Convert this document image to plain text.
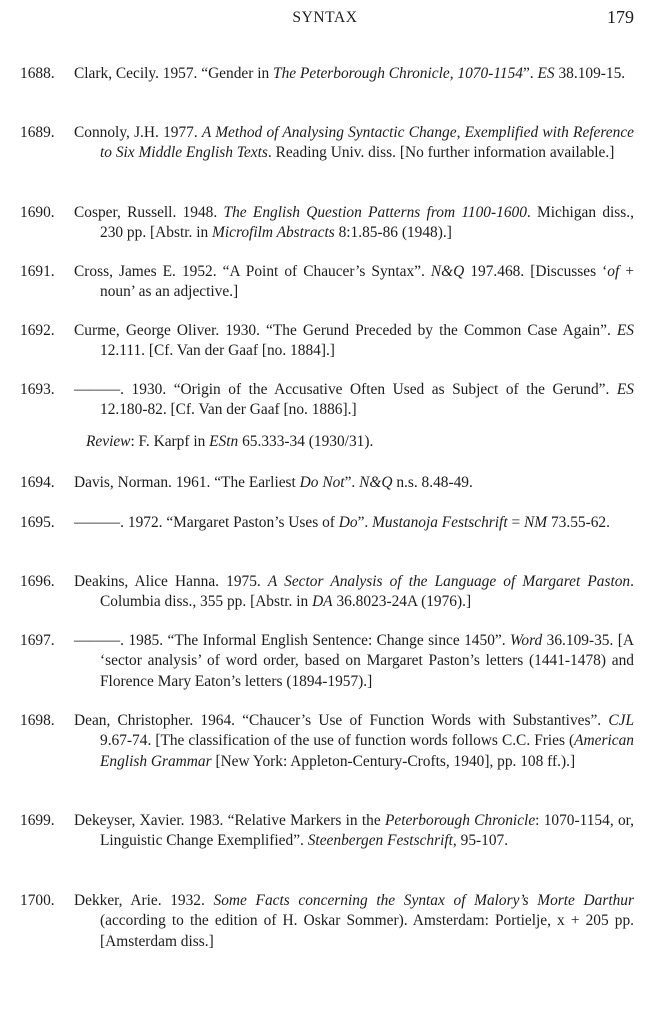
SYNTAX	179
1688.	Clark, Cecily. 1957. “Gender in The Peterborough Chronicle, 1070-1154”. ES 38.109-15.
1689.	Connoly, J.H. 1977. A Method of Analysing Syntactic Change, Exemplified with Reference to Six Middle English Texts. Reading Univ. diss. [No further information available.]
1690.	Cosper, Russell. 1948. The English Question Patterns from 1100-1600. Michigan diss., 230 pp. [Abstr. in Microfilm Abstracts 8:1.85-86 (1948).]
1691.	Cross, James E. 1952. “A Point of Chaucer’s Syntax”. N&Q 197.468. [Discusses ‘of + noun’ as an adjective.]
1692.	Curme, George Oliver. 1930. “The Gerund Preceded by the Common Case Again”. ES 12.111. [Cf. Van der Gaaf [no. 1884].]
1693.	———. 1930. “Origin of the Accusative Often Used as Subject of the Gerund”. ES 12.180-82. [Cf. Van der Gaaf [no. 1886].]
Review: F. Karpf in EStn 65.333-34 (1930/31).
1694.	Davis, Norman. 1961. “The Earliest Do Not”. N&Q n.s. 8.48-49.
1695.	———. 1972. “Margaret Paston’s Uses of Do”. Mustanoja Festschrift = NM 73.55-62.
1696.	Deakins, Alice Hanna. 1975. A Sector Analysis of the Language of Margaret Paston. Columbia diss., 355 pp. [Abstr. in DA 36.8023-24A (1976).]
1697.	———. 1985. “The Informal English Sentence: Change since 1450”. Word 36.109-35. [A ‘sector analysis’ of word order, based on Margaret Paston’s letters (1441-1478) and Florence Mary Eaton’s letters (1894-1957).]
1698.	Dean, Christopher. 1964. “Chaucer’s Use of Function Words with Substantives”. CJL 9.67-74. [The classification of the use of function words follows C.C. Fries (American English Grammar [New York: Appleton-Century-Crofts, 1940], pp. 108 ff.).]
1699.	Dekeyser, Xavier. 1983. “Relative Markers in the Peterborough Chronicle: 1070-1154, or, Linguistic Change Exemplified”. Steenbergen Festschrift, 95-107.
1700.	Dekker, Arie. 1932. Some Facts concerning the Syntax of Malory’s Morte Darthur (according to the edition of H. Oskar Sommer). Amsterdam: Portielje, x + 205 pp. [Amsterdam diss.]
